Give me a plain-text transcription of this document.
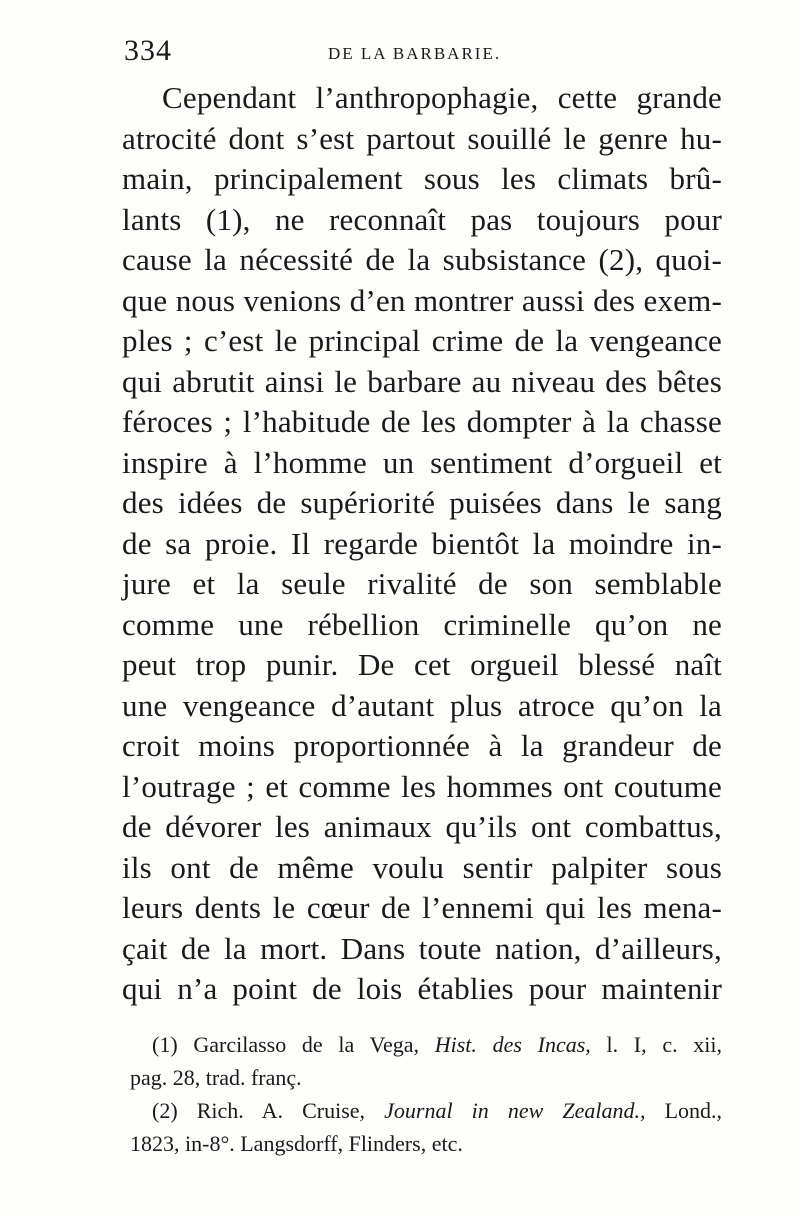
334	DE LA BARBARIE.
Cependant l’anthropophagie, cette grande
atrocité dont s’est partout souillé le genre hu-
main, principalement sous les climats brû-
lants (1), ne reconnaît pas toujours pour
cause la nécessité de la subsistance (2), quoi-
que nous venions d’en montrer aussi des exem-
ples ; c’est le principal crime de la vengeance
qui abrutit ainsi le barbare au niveau des bêtes
féroces ; l’habitude de les dompter à la chasse
inspire à l’homme un sentiment d’orgueil et
des idées de supériorité puisées dans le sang
de sa proie. Il regarde bientôt la moindre in-
jure et la seule rivalité de son semblable
comme une rébellion criminelle qu’on ne
peut trop punir. De cet orgueil blessé naît
une vengeance d’autant plus atroce qu’on la
croit moins proportionnée à la grandeur de
l’outrage ; et comme les hommes ont coutume
de dévorer les animaux qu’ils ont combattus,
ils ont de même voulu sentir palpiter sous
leurs dents le cœur de l’ennemi qui les mena-
çait de la mort. Dans toute nation, d’ailleurs,
qui n’a point de lois établies pour maintenir
(1) Garcilasso de la Vega, Hist. des Incas, l. I, c. xii,
pag. 28, trad. franç.
(2) Rich. A. Cruise, Journal in new Zealand., Lond.,
1823, in-8°. Langsdorff, Flinders, etc.
